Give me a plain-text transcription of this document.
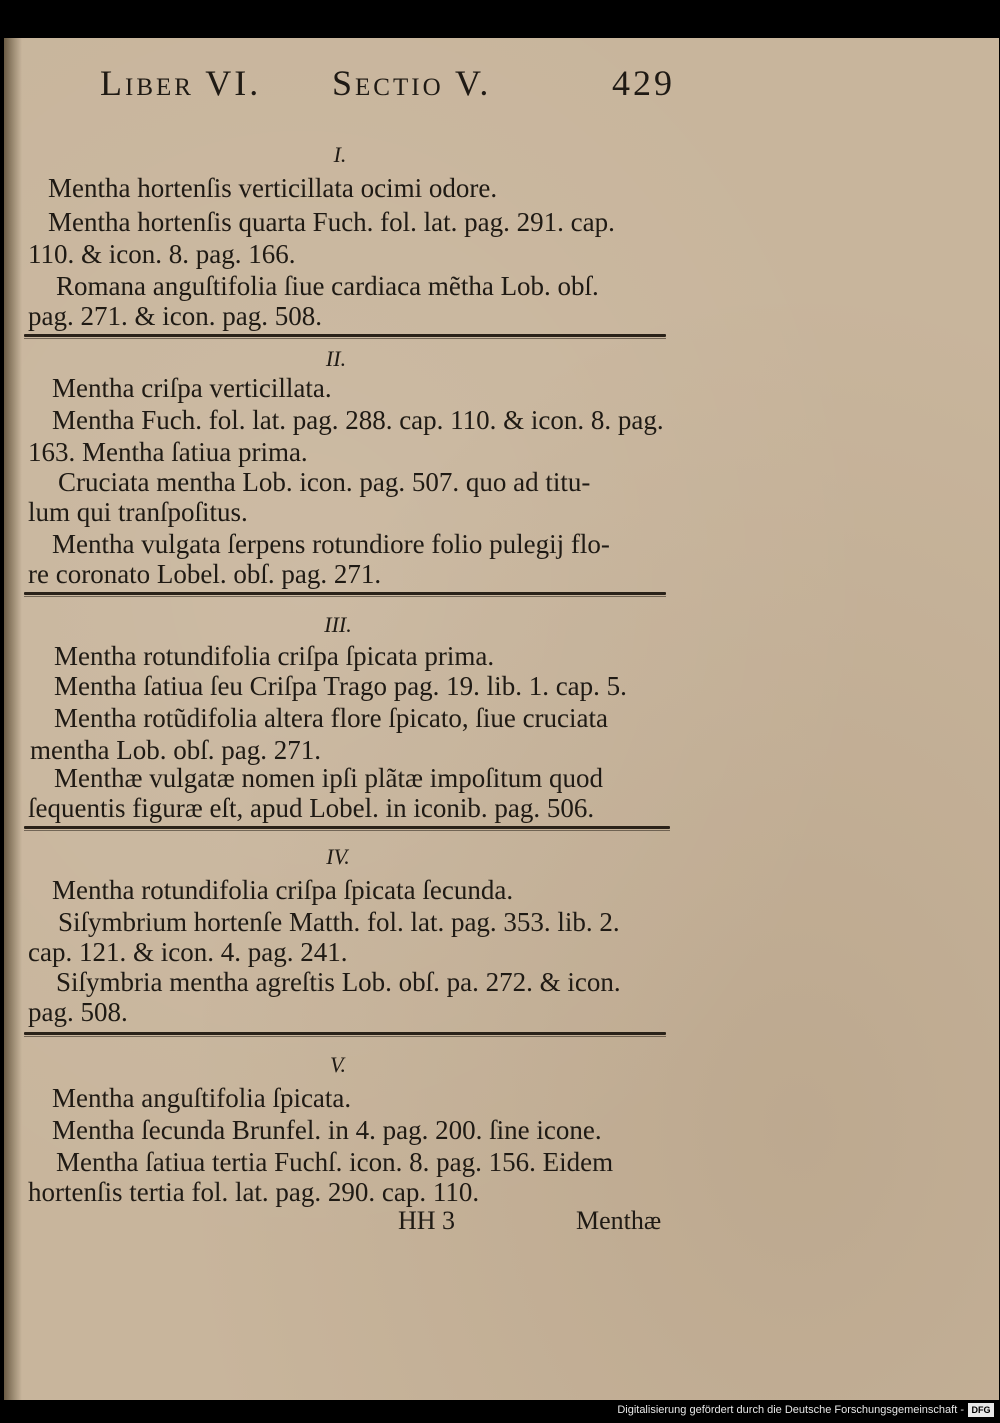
Liber VI. Sectio V.	429
I.
Mentha hortenſis verticillata ocimi odore.
Mentha hortenſis quarta Fuch. fol. lat. pag. 291. cap.
110. & icon. 8. pag. 166.
Romana anguſtifolia ſiue cardiaca mẽtha Lob. obſ.
pag. 271. & icon. pag. 508.
II.
Mentha criſpa verticillata.
Mentha Fuch. fol. lat. pag. 288. cap. 110. & icon. 8. pag.
163. Mentha ſatiua prima.
Cruciata mentha Lob. icon. pag. 507. quo ad titu-
lum qui tranſpoſitus.
Mentha vulgata ſerpens rotundiore folio pulegij flo-
re coronato Lobel. obſ. pag. 271.
III.
Mentha rotundifolia criſpa ſpicata prima.
Mentha ſatiua ſeu Criſpa Trago pag. 19. lib. 1. cap. 5.
Mentha rotũdifolia altera flore ſpicato, ſiue cruciata
mentha Lob. obſ. pag. 271.
Menthæ vulgatæ nomen ipſi plãtæ impoſitum quod
ſequentis figuræ eſt, apud Lobel. in iconib. pag. 506.
IV.
Mentha rotundifolia criſpa ſpicata ſecunda.
Siſymbrium hortenſe Matth. fol. lat. pag. 353. lib. 2.
cap. 121. & icon. 4. pag. 241.
Siſymbria mentha agreſtis Lob. obſ. pa. 272. & icon.
pag. 508.
V.
Mentha anguſtifolia ſpicata.
Mentha ſecunda Brunfel. in 4. pag. 200. ſine icone.
Mentha ſatiua tertia Fuchſ. icon. 8. pag. 156. Eidem
hortenſis tertia fol. lat. pag. 290. cap. 110.
HH 3	Menthæ
Digitalisierung gefördert durch die Deutsche Forschungsgemeinschaft - DFG
